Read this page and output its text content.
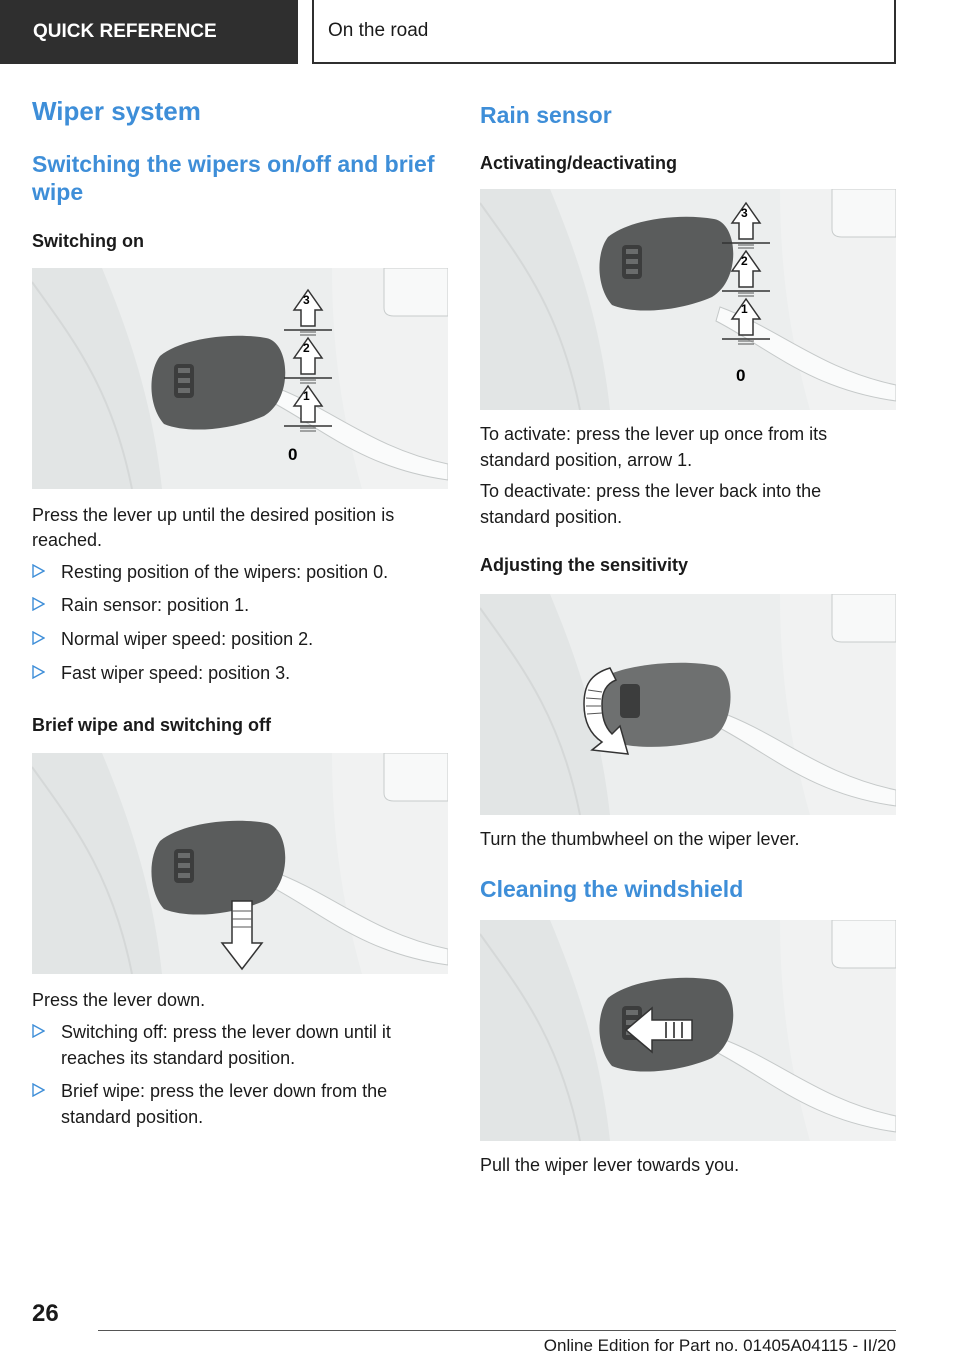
QUICK REFERENCE	On the road
Wiper system
Switching the wipers on/off and brief wipe
Switching on
3
2
1
0

Press the lever up until the desired position is reached.

Resting position of the wipers: position 0.
Rain sensor: position 1.
Normal wiper speed: position 2.
Fast wiper speed: position 3.
Brief wipe and switching off

Press the lever down.

Switching off: press the lever down until it reaches its standard position.
Brief wipe: press the lever down from the standard position.
Rain sensor
Activating/deactivating
3
2
1
0

To activate: press the lever up once from its standard position, arrow 1.

To deactivate: press the lever back into the standard position.

Adjusting the sensitivity

Turn the thumbwheel on the wiper lever.

Cleaning the windshield

Pull the wiper lever towards you.

26
Online Edition for Part no. 01405A04115 - II/20
